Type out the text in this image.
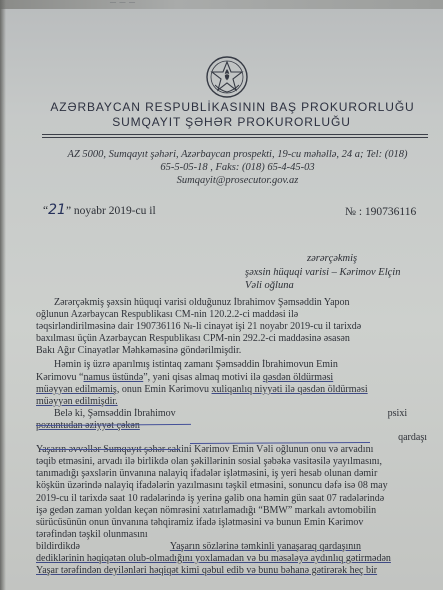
— — —
AZƏRBAYCAN RESPUBLİKASININ BAŞ PROKURORLUĞU
SUMQAYIT ŞƏHƏR PROKURORLUĞU
AZ 5000, Sumqayıt şəhəri, Azərbaycan prospekti, 19-cu məhəllə, 24 a; Tel: (018)
65-5-05-18 , Faks: (018) 65-4-45-03
Sumqayit@prosecutor.gov.az
“21” noyabr 2019-cu il	№ : 190736116
zərərçəkmiş
şəxsin hüquqi varisi – Kərimov Elçin
Vəli oğluna
Zərərçəkmiş şəxsin hüquqi varisi olduğunuz İbrahimov Şəmsəddin Yapon
oğlunun Azərbaycan Respublikası CM-nin 120.2.2-ci maddəsi ilə
təqsirləndirilməsinə dair 190736116 №-li cinayət işi 21 noyabr 2019-cu il tarixdə
baxılması üçün Azərbaycan Respublikası CPM-nin 292.2-ci maddəsinə əsasən
Bakı Ağır Cinayətlər Məhkəməsinə göndərilmişdir.
Həmin iş üzrə aparılmış istintaq zamanı Şəmsəddin İbrahimovun Emin
Kərimovu “namus üstündə”, yəni qisas almaq motivi ilə qəsdən öldürməsi
müəyyən edilməmiş, onun Emin Kərimovu xuliqanlıq niyyəti ilə qəsdən öldürməsi
müəyyən edilmişdir.
Belə ki, Şəmsəddin İbrahimov	psixi
pozuntudan əziyyət çəkən
qardaşı
Yaşarın əvvəllər Sumqayıt şəhər sakini Kərimov Emin Vəli oğlunun onu və arvadını
təqib etməsini, arvadı ilə birlikdə olan şəkillərinin sosial şəbəkə vasitəsilə yayılmasını,
tanımadığı şəxslərin ünvanına nalayiq ifadələr işlətməsini, iş yeri hesab olunan dəmir
köşkün üzərində nalayiq ifadələrin yazılmasını təşkil etməsini, sonuncu dəfə isə 08 may
2019-cu il tarixdə saat 10 radələrində iş yerinə gəlib ona həmin gün saat 07 radələrində
işə gedən zaman yoldan keçən nömrəsini xatırlamadığı “BMW” markalı avtomobilin
sürücüsünün onun ünvanına təhqiramiz ifadə işlətməsini və bunun Emin Kərimov
tərəfindən təşkil olunmasını
bildirdikdə	Yaşarın sözlərinə təmkinli yanaşaraq qardaşının
dediklərinin həqiqətən olub-olmadığını yoxlamadan və bu məsələyə aydınlıq gətirmədən
Yaşar tərəfindən deyilənləri həqiqət kimi qəbul edib və bunu bəhanə gətirərək heç bir
